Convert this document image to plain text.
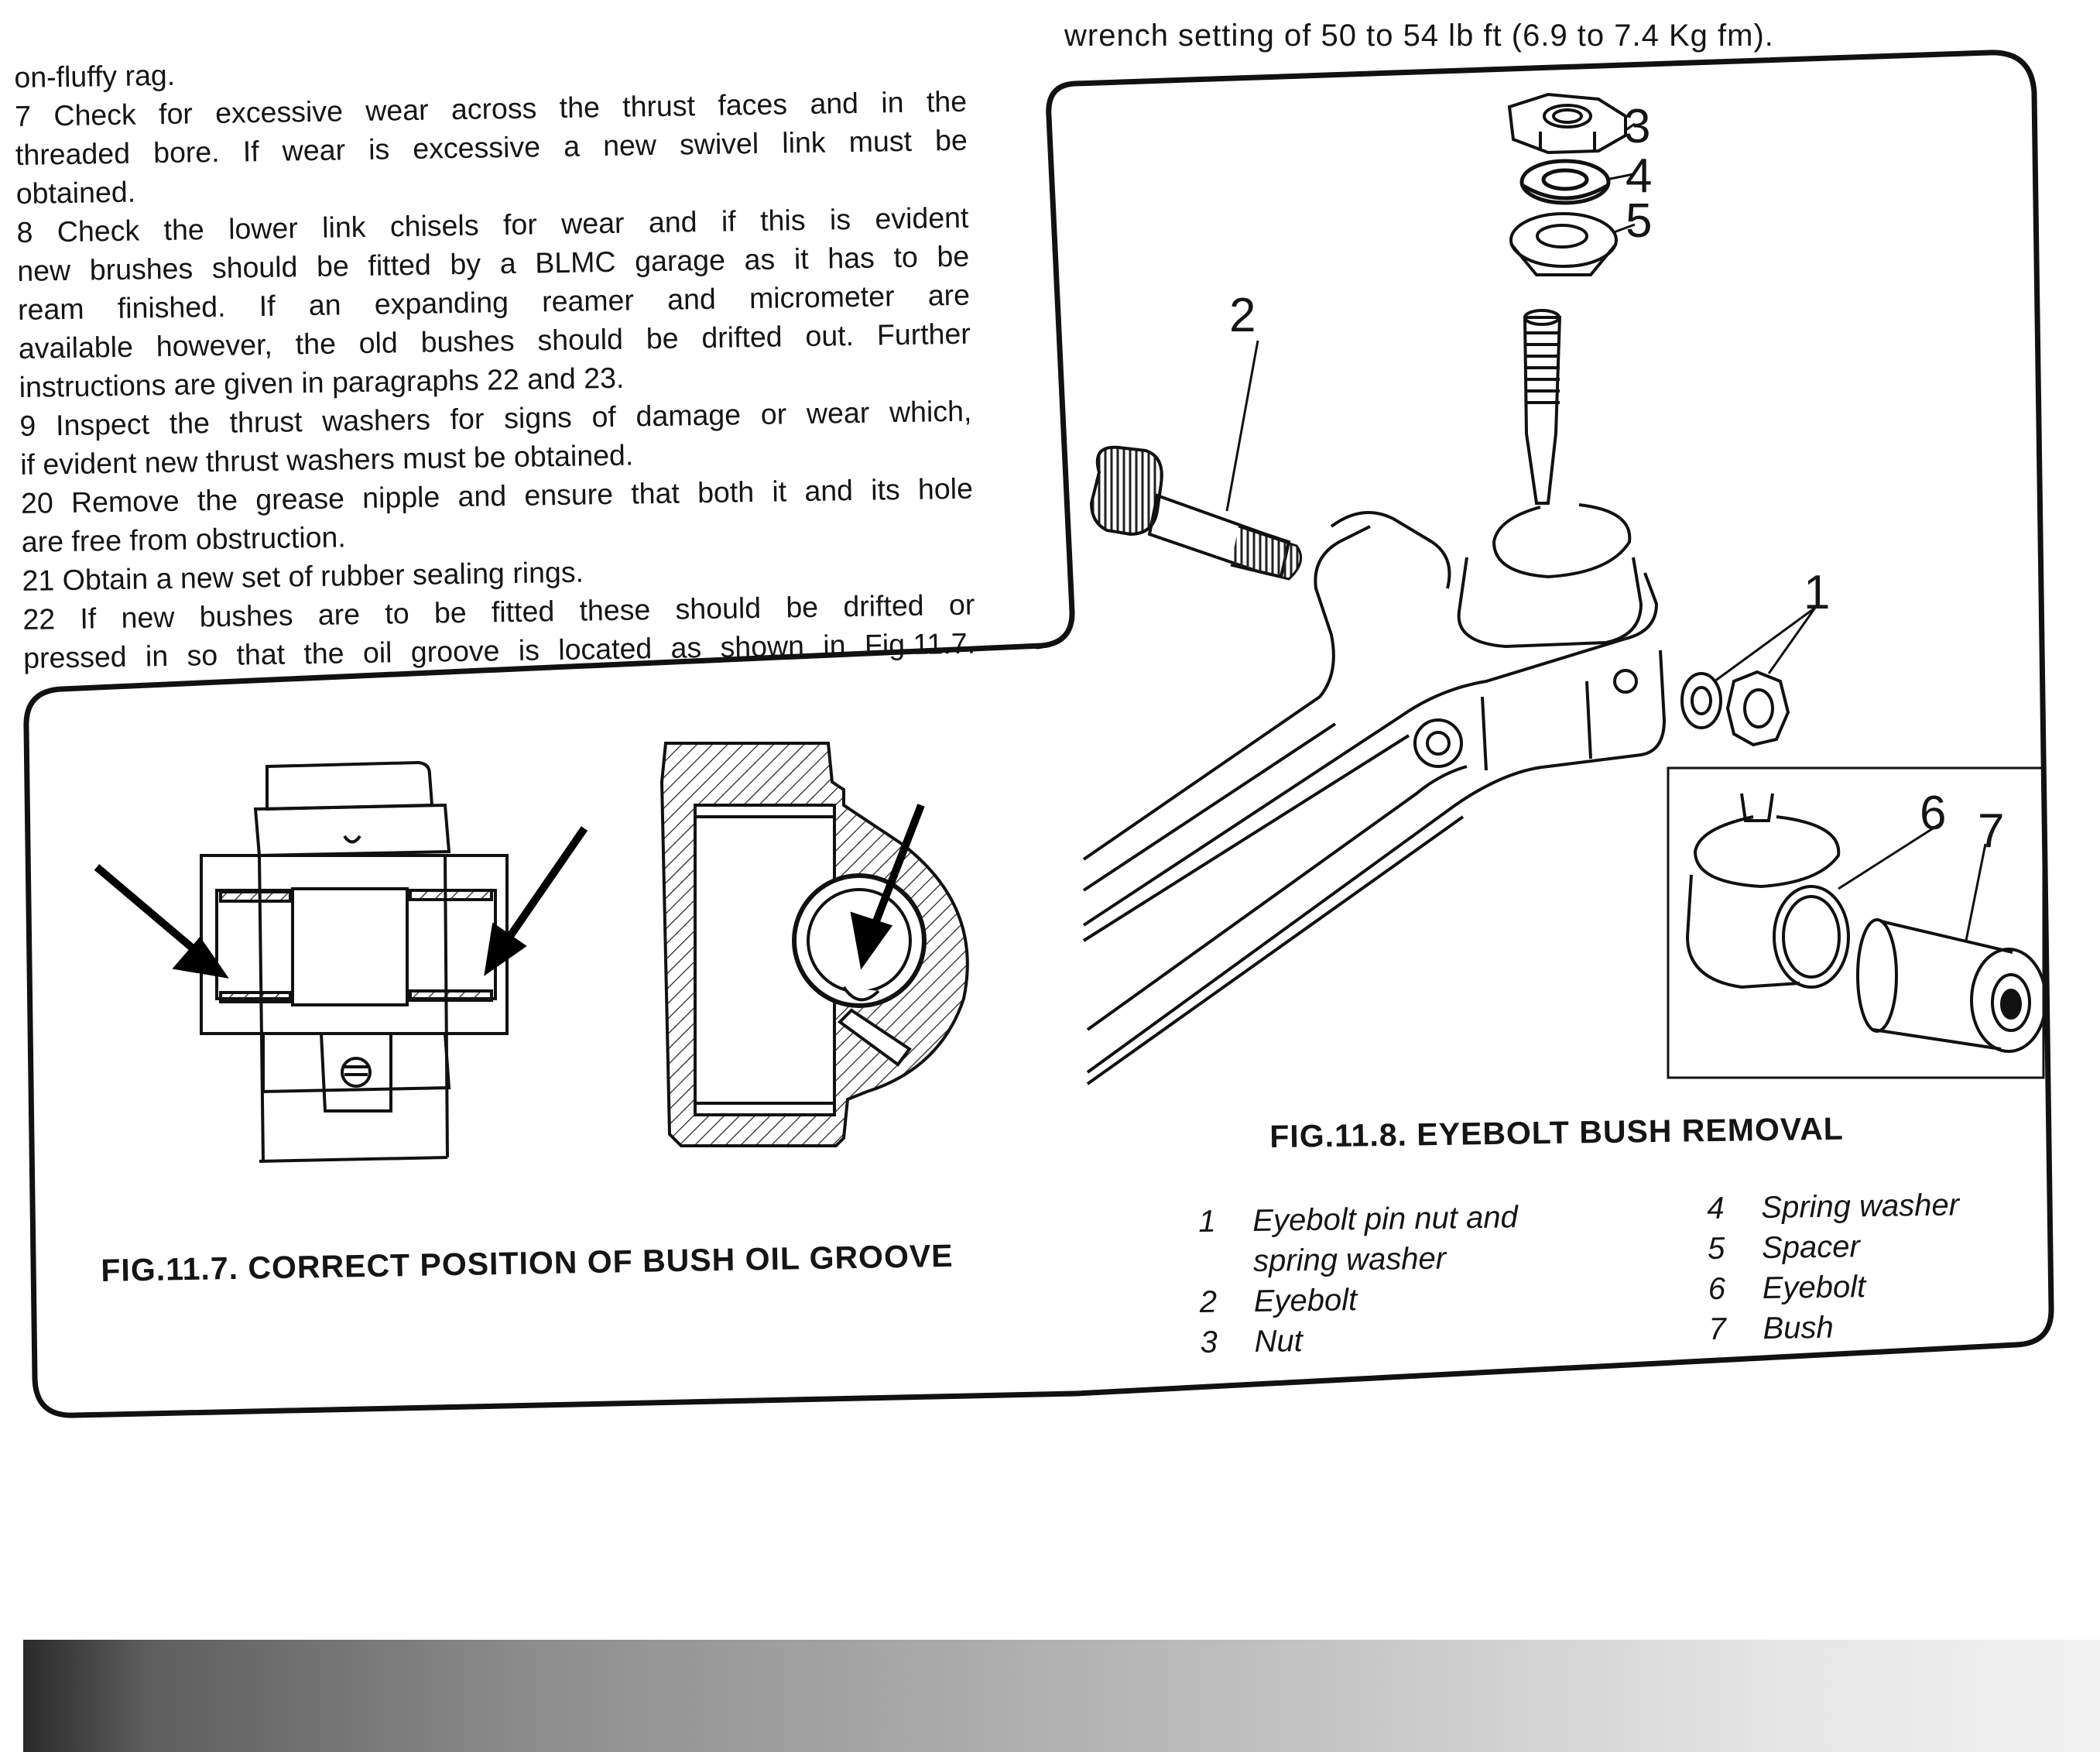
wrench setting of 50 to 54 lb ft (6.9 to 7.4 Kg fm).

on-fluffy rag.

7 Check for excessive wear across the thrust faces and in the

threaded bore. If wear is excessive a new swivel link must be

obtained.

8 Check the lower link chisels for wear and if this is evident

new brushes should be fitted by a BLMC garage as it has to be

ream finished. If an expanding reamer and micrometer are

available however, the old bushes should be drifted out. Further

instructions are given in paragraphs 22 and 23.

9 Inspect the thrust washers for signs of damage or wear which,

if evident new thrust washers must be obtained.

20 Remove the grease nipple and ensure that both it and its hole

are free from obstruction.

21 Obtain a new set of rubber sealing rings.

22 If new bushes are to be fitted these should be drifted or

pressed in so that the oil groove is located as shown in Fig.11.7.

3
4
5
2
1
6 7
FIG.11.7. CORRECT POSITION OF BUSH OIL GROOVE
FIG.11.8. EYEBOLT BUSH REMOVAL
1	Eyebolt pin nut and
spring washer
2	Eyebolt
3	Nut
4	Spring washer
5	Spacer
6	Eyebolt
7	Bush
